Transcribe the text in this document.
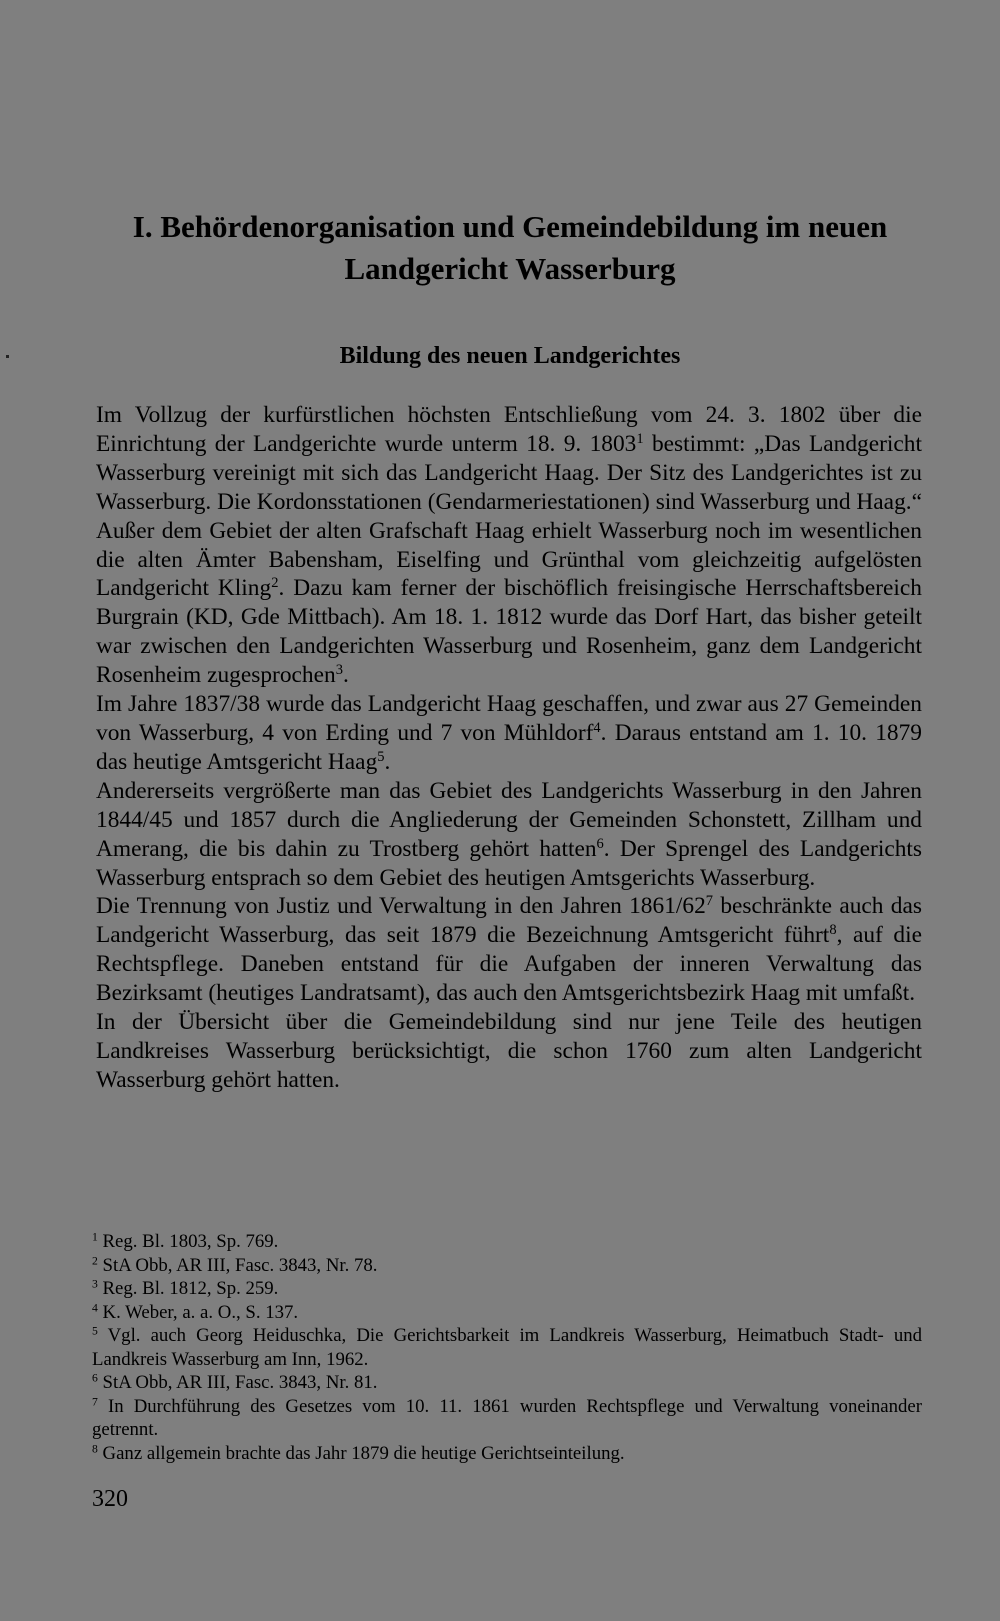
I. Behördenorganisation und Gemeindebildung im neuen Landgericht Wasserburg
Bildung des neuen Landgerichtes
Im Vollzug der kurfürstlichen höchsten Entschließung vom 24. 3. 1802 über die Einrichtung der Landgerichte wurde unterm 18. 9. 1803$^1$ bestimmt: „Das Landgericht Wasserburg vereinigt mit sich das Landgericht Haag. Der Sitz des Landgerichtes ist zu Wasserburg. Die Kordonsstationen (Gendarmeriestationen) sind Wasserburg und Haag.“ Außer dem Gebiet der alten Grafschaft Haag erhielt Wasserburg noch im wesentlichen die alten Ämter Babensham, Eiselfing und Grünthal vom gleichzeitig aufgelösten Landgericht Kling$^2$. Dazu kam ferner der bischöflich freisingische Herrschaftsbereich Burgrain (KD, Gde Mittbach). Am 18. 1. 1812 wurde das Dorf Hart, das bisher geteilt war zwischen den Landgerichten Wasserburg und Rosenheim, ganz dem Landgericht Rosenheim zugesprochen$^3$.
Im Jahre 1837/38 wurde das Landgericht Haag geschaffen, und zwar aus 27 Gemeinden von Wasserburg, 4 von Erding und 7 von Mühldorf$^4$. Daraus entstand am 1. 10. 1879 das heutige Amtsgericht Haag$^5$.
Andererseits vergrößerte man das Gebiet des Landgerichts Wasserburg in den Jahren 1844/45 und 1857 durch die Angliederung der Gemeinden Schonstett, Zillham und Amerang, die bis dahin zu Trostberg gehört hatten$^6$. Der Sprengel des Landgerichts Wasserburg entsprach so dem Gebiet des heutigen Amtsgerichts Wasserburg.
Die Trennung von Justiz und Verwaltung in den Jahren $1861/62^7$ beschränkte auch das Landgericht Wasserburg, das seit 1879 die Bezeichnung Amtsgericht führt$^8$, auf die Rechtspflege. Daneben entstand für die Aufgaben der inneren Verwaltung das Bezirksamt (heutiges Landratsamt), das auch den Amtsgerichtsbezirk Haag mit umfaßt.
In der Übersicht über die Gemeindebildung sind nur jene Teile des heutigen Landkreises Wasserburg berücksichtigt, die schon 1760 zum alten Landgericht Wasserburg gehört hatten.
$^1$ Reg. Bl. 1803, Sp. 769.
$^2$ StA Obb, AR III, Fasc. 3843, Nr. 78.
$^3$ Reg. Bl. 1812, Sp. 259.
$^4$ K. Weber, a. a. O., S. 137.
$^5$ Vgl. auch Georg Heiduschka, Die Gerichtsbarkeit im Landkreis Wasserburg, Heimatbuch Stadt- und Landkreis Wasserburg am Inn, 1962.
$^6$ StA Obb, AR III, Fasc. 3843, Nr. 81.
$^7$ In Durchführung des Gesetzes vom 10. 11. 1861 wurden Rechtspflege und Verwaltung voneinander getrennt.
$^8$ Ganz allgemein brachte das Jahr 1879 die heutige Gerichtseinteilung.
320
